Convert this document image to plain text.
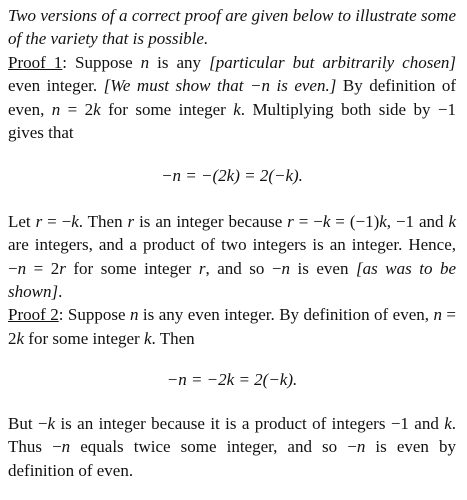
Two versions of a correct proof are given below to illustrate some of the variety that is possible.

Proof 1: Suppose n is any [particular but arbitrarily chosen] even integer. [We must show that −n is even.] By definition of even, n = 2k for some integer k. Multiplying both side by −1 gives that

−n = −(2k) = 2(−k).

Let r = −k. Then r is an integer because r = −k = (−1)k, −1 and k are integers, and a product of two integers is an integer. Hence, −n = 2r for some integer r, and so −n is even [as was to be shown].

Proof 2: Suppose n is any even integer. By definition of even, n = 2k for some integer k. Then

−n = −2k = 2(−k).

But −k is an integer because it is a product of integers −1 and k. Thus −n equals twice some integer, and so −n is even by definition of even.
